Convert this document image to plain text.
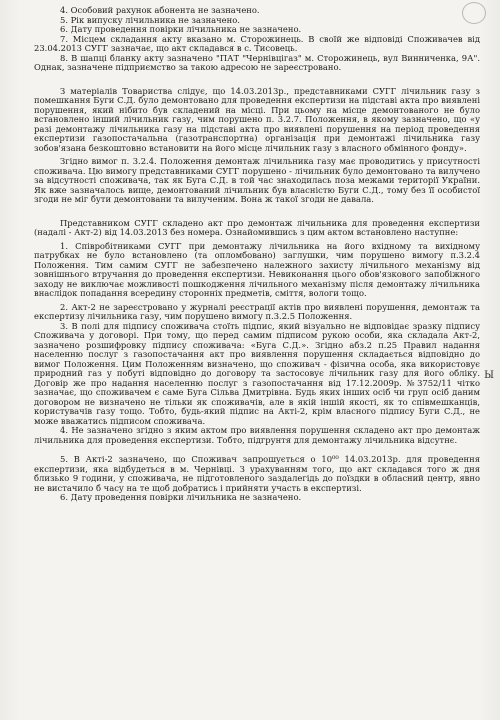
Ы

4. Особовий рахунок абонента не зазначено.

5. Рік випуску лічильника не зазначено.

6. Дату проведення повірки лічильника не зазначено.

7. Місцем складання акту вказано м. Сторожинець. В своїй же відповіді Споживачев від 23.04.2013 СУГГ зазначає, що акт складався в с. Тисовець.

8. В шапці бланку акту зазначено "ПАТ "Чернівцігаз" м. Сторожинець, вул Винниченка, 9А". Однак, зазначене підприємство за такою адресою не зареєстровано.

З матеріалів Товариства слідує, що 14.03.2013р., представниками СУГГ лічильник газу з помешкання Буги С.Д. було демонтовано для проведення експертизи на підставі акта про виявлені порушення, який нібито був складений на місці. При цьому на місце демонтованого не було встановлено інший лічильник газу, чим порушено п. 3.2.7. Положення, в якому зазначено, що «у разі демонтажу лічильника газу на підставі акта про виявлені порушення на період проведення експертизи газопостачальна (газотранспортна) організація при демонтажі лічильника газу зобов'язана безкоштовно встановити на його місце лічильник газу з власного обмінного фонду».

Згідно вимог п. 3.2.4. Положення демонтаж лічильника газу має проводитись у присутності споживача. Цю вимогу представниками СУГГ порушено - лічильник було демонтовано та вилучено за відсутності споживача, так як Буга С.Д. в той час знаходилась поза межами території України. Як вже зазначалось вище, демонтований лічильник був власністю Буги С.Д., тому без її особистої згоди не міг бути демонтовани та вилученим. Вона ж такої згоди не давала.

Представником СУГГ складено акт про демонтаж лічильника для проведення експертизи (надалі - Акт-2) від 14.03.2013 без номера. Ознайомившись з цим актом встановлено наступне:

1. Співробітниками СУГГ при демонтажу лічильника на його вхідному та вихідному патрубках не було встановлено (та опломбовано) заглушки, чим порушено вимогу п.3.2.4 Положення. Тим самим СУГГ не забезпечено належного захисту лічильного механізму від зовнішнього втручання до проведення експертизи. Невиконання цього обов'язкового запобіжного заходу не виключає можливості пошкодження лічильного механізму після демонтажу лічильника внаслідок попадання всередину сторонніх предметів, сміття, вологи тощо.

2. Акт-2 не зареєстровано у журналі реєстрації актів про виявлені порушення, демонтаж та експертизу лічильника газу, чим порушено вимогу п.3.2.5 Положення.

3. В полі для підпису споживача стоїть підпис, який візуально не відповідає зразку підпису Споживача у договорі. При тому, що перед самим підписом рукою особи, яка складала Акт-2, зазначено розшифровку підпису споживача: «Буга С.Д.». Згідно абз.2 п.25 Правил надання населенню послуг з газопостачання акт про виявлення порушення складається відповідно до вимог Положення. Цим Положенням визначено, що споживач - фізична особа, яка використовує природний газ у побуті відповідно до договору та застосовує лічильник газу для його обліку. Договір же про надання населенню послуг з газопостачання від 17.12.2009р. №3752/11 чітко зазначає, що споживачем є саме Буга Сільва Дмитрівна. Будь яких інших осіб чи груп осіб даним договором не визначено не тільки як споживачів, але в якій іншій якості, як то співмешканців, користувачів газу тощо. Тобто, будь-який підпис на Акті-2, крім власного підпису Буги С.Д., не може вважатись підписом споживача.

4. Не зазначено згідно з яким актом про виявлення порушення складено акт про демонтаж лічильника для проведення експертизи. Тобто, підгрунтя для демонтажу лічильника відсутнє.

5. В Акті-2 зазначено, що Споживач запрошується о 10⁰⁰ 14.03.2013р. для проведення експертизи, яка відбудеться в м. Чернівці. З урахуванням того, що акт складався того ж дня близько 9 години, у споживача, не підготовленого заздалегідь до поїздки в обласний центр, явно не вистачило б часу на те щоб добратись і прийняти участь в експертизі.

6. Дату проведення повірки лічильника не зазначено.
